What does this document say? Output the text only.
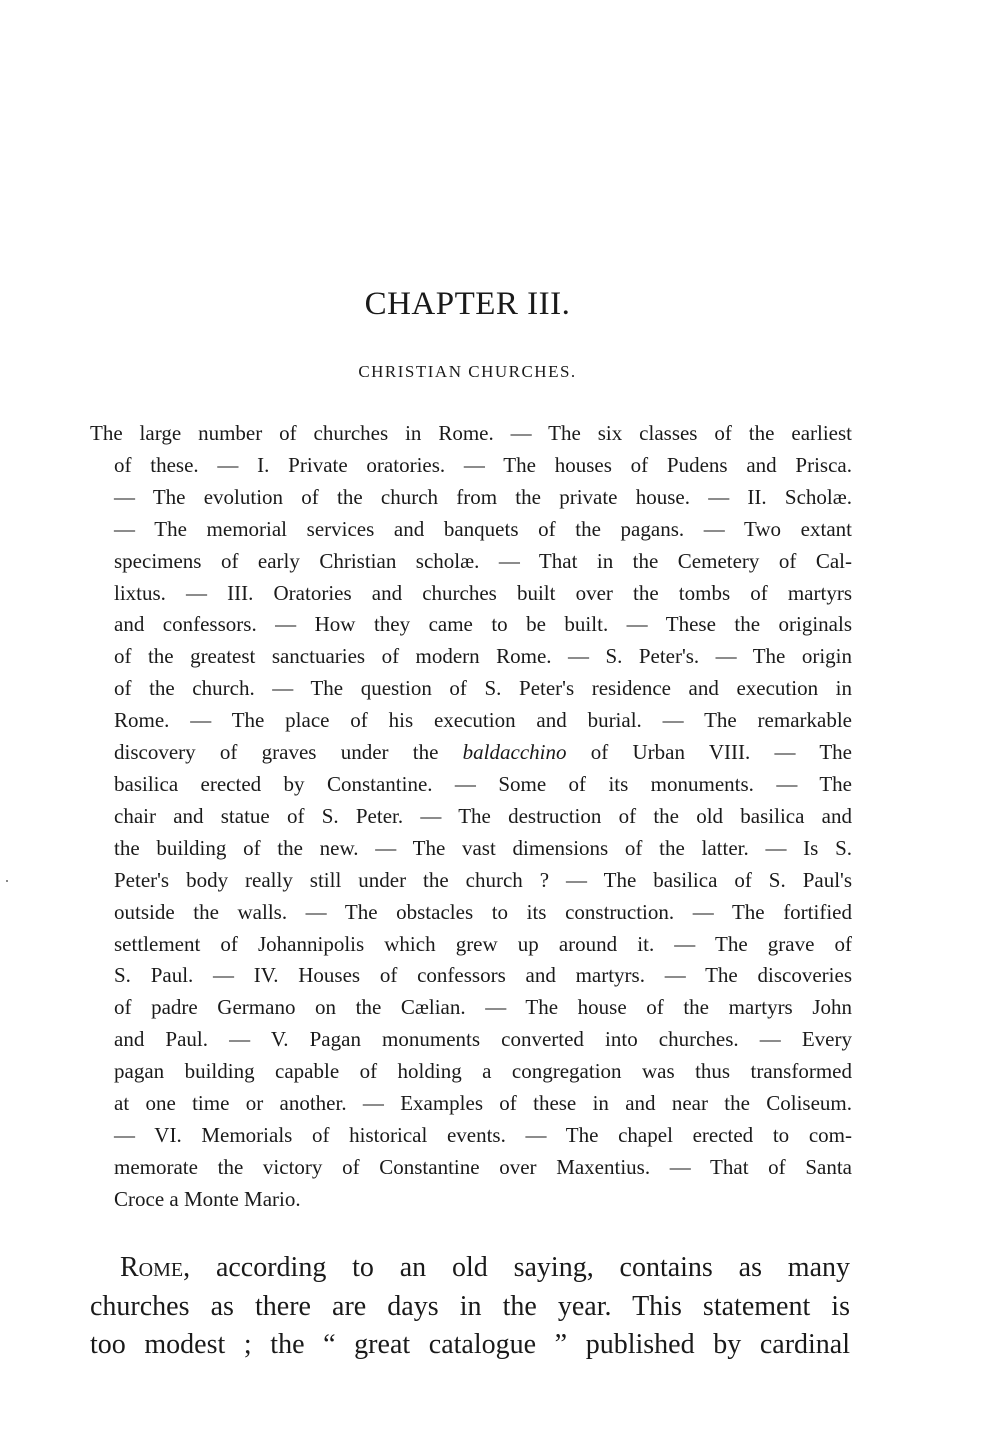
CHAPTER III.
CHRISTIAN CHURCHES.
The large number of churches in Rome. — The six classes of the earliest
of these. — I. Private oratories. — The houses of Pudens and Prisca.
— The evolution of the church from the private house. — II. Scholæ.
— The memorial services and banquets of the pagans. — Two extant
specimens of early Christian scholæ. — That in the Cemetery of Cal-
lixtus. — III. Oratories and churches built over the tombs of martyrs
and confessors. — How they came to be built. — These the originals
of the greatest sanctuaries of modern Rome. — S. Peter's. — The origin
of the church. — The question of S. Peter's residence and execution in
Rome. — The place of his execution and burial. — The remarkable
discovery of graves under the baldacchino of Urban VIII. — The
basilica erected by Constantine. — Some of its monuments. — The
chair and statue of S. Peter. — The destruction of the old basilica and
the building of the new. — The vast dimensions of the latter. — Is S.
Peter's body really still under the church ? — The basilica of S. Paul's
outside the walls. — The obstacles to its construction. — The fortified
settlement of Johannipolis which grew up around it. — The grave of
S. Paul. — IV. Houses of confessors and martyrs. — The discoveries
of padre Germano on the Cælian. — The house of the martyrs John
and Paul. — V. Pagan monuments converted into churches. — Every
pagan building capable of holding a congregation was thus transformed
at one time or another. — Examples of these in and near the Coliseum.
— VI. Memorials of historical events. — The chapel erected to com-
memorate the victory of Constantine over Maxentius. — That of Santa
Croce a Monte Mario.
Rome, according to an old saying, contains as many
churches as there are days in the year. This statement is
too modest ; the “ great catalogue ” published by cardinal
